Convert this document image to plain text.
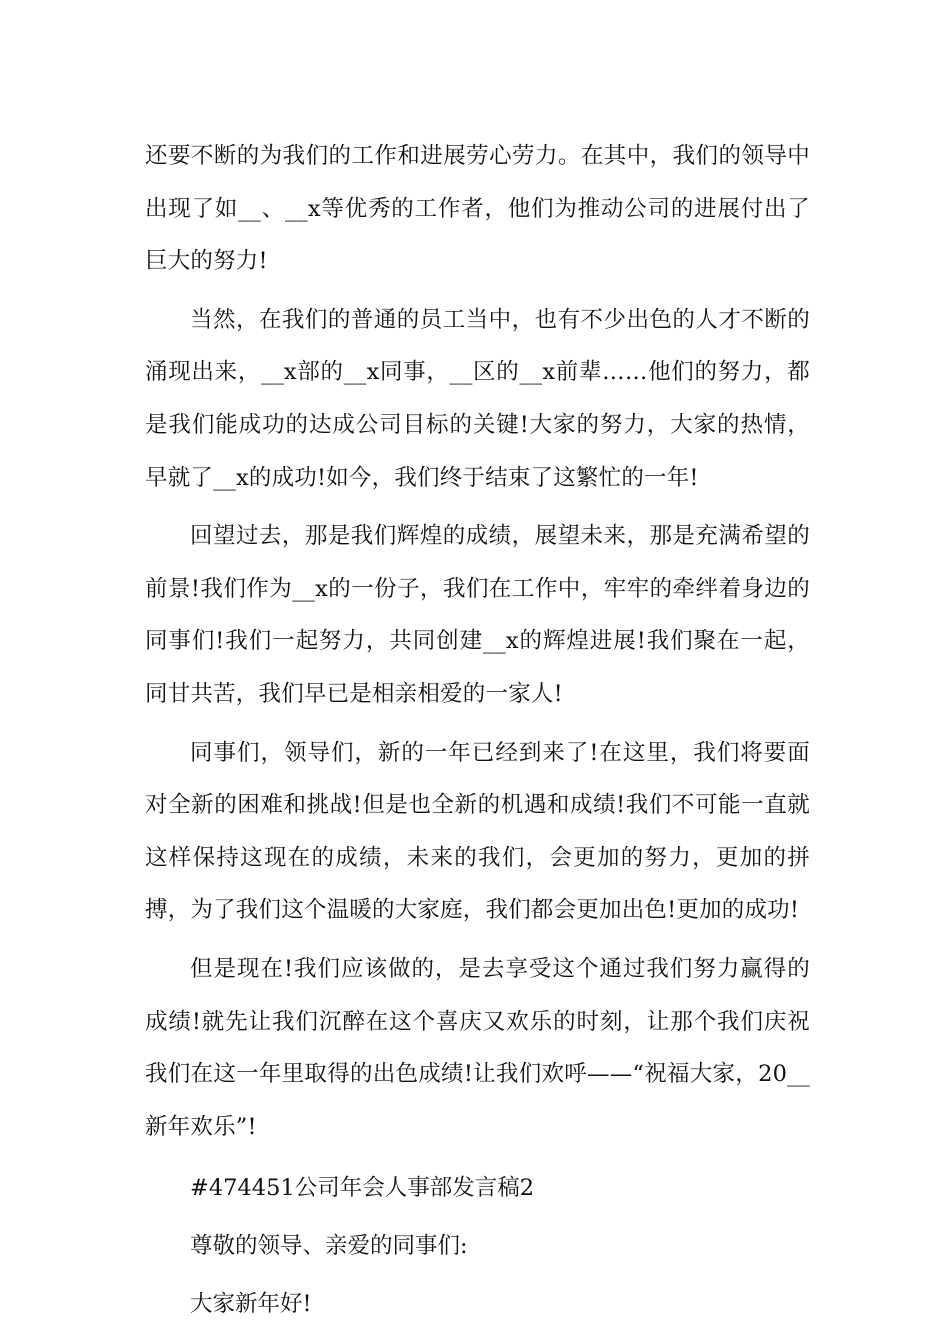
还要不断的为我们的工作和进展劳心劳力。在其中，我们的领导中出现了如__、__x等优秀的工作者，他们为推动公司的进展付出了巨大的努力!

当然，在我们的普通的员工当中，也有不少出色的人才不断的涌现出来，__x部的__x同事，__区的__x前辈……他们的努力，都是我们能成功的达成公司目标的关键!大家的努力，大家的热情，早就了__x的成功!如今，我们终于结束了这繁忙的一年!

回望过去，那是我们辉煌的成绩，展望未来，那是充满希望的前景!我们作为__x的一份子，我们在工作中，牢牢的牵绊着身边的同事们!我们一起努力，共同创建__x的辉煌进展!我们聚在一起，同甘共苦，我们早已是相亲相爱的一家人!

同事们，领导们，新的一年已经到来了!在这里，我们将要面对全新的困难和挑战!但是也全新的机遇和成绩!我们不可能一直就这样保持这现在的成绩，未来的我们，会更加的努力，更加的拼搏，为了我们这个温暖的大家庭，我们都会更加出色!更加的成功!

但是现在!我们应该做的，是去享受这个通过我们努力赢得的成绩!就先让我们沉醉在这个喜庆又欢乐的时刻，让那个我们庆祝我们在这一年里取得的出色成绩!让我们欢呼——“祝福大家，20__新年欢乐”!

#474451公司年会人事部发言稿2

尊敬的领导、亲爱的同事们:

大家新年好!
